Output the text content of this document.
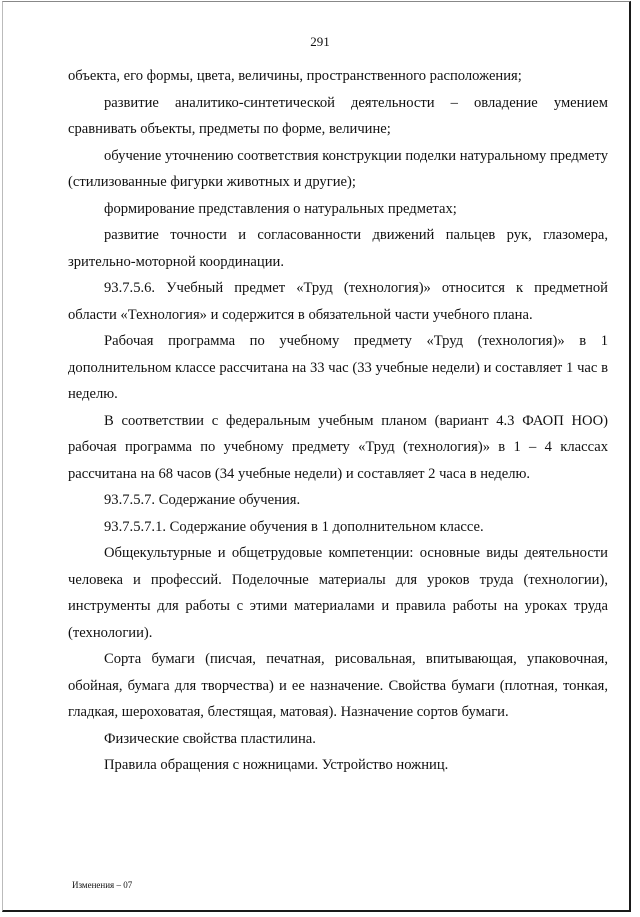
291

объекта, его формы, цвета, величины, пространственного расположения;

развитие аналитико-синтетической деятельности – овладение умением сравнивать объекты, предметы по форме, величине;

обучение уточнению соответствия конструкции поделки натуральному предмету (стилизованные фигурки животных и другие);

формирование представления о натуральных предметах;

развитие точности и согласованности движений пальцев рук, глазомера, зрительно-моторной координации.

93.7.5.6. Учебный предмет «Труд (технология)» относится к предметной области «Технология» и содержится в обязательной части учебного плана.

Рабочая программа по учебному предмету «Труд (технология)» в 1 дополнительном классе рассчитана на 33 час (33 учебные недели) и составляет 1 час в неделю.

В соответствии с федеральным учебным планом (вариант 4.3 ФАОП НОО) рабочая программа по учебному предмету «Труд (технология)» в 1 – 4 классах рассчитана на 68 часов (34 учебные недели) и составляет 2 часа в неделю.

93.7.5.7. Содержание обучения.

93.7.5.7.1. Содержание обучения в 1 дополнительном классе.

Общекультурные и общетрудовые компетенции: основные виды деятельности человека и профессий. Поделочные материалы для уроков труда (технологии), инструменты для работы с этими материалами и правила работы на уроках труда (технологии).

Сорта бумаги (писчая, печатная, рисовальная, впитывающая, упаковочная, обойная, бумага для творчества) и ее назначение. Свойства бумаги (плотная, тонкая, гладкая, шероховатая, блестящая, матовая). Назначение сортов бумаги.

Физические свойства пластилина.

Правила обращения с ножницами. Устройство ножниц.

Изменения – 07
